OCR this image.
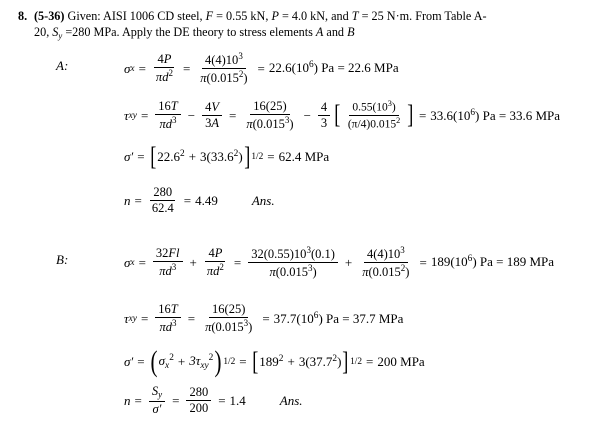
8. (5-36) Given: AISI 1006 CD steel, F = 0.55 kN, P = 4.0 kN, and T = 25 N·m. From Table A-
20, $S_y =280$ MPa. Apply the DE theory to stress elements A and B
A:	σ $x = \frac{4P}{\pi d^2} = \frac{4(4)10^3}{\pi(0.015^2)} = 22.6(10^6) Pa = 22.6$ MPa
τ xy = $\frac{16T}{\pi d^3} - \frac{4V}{3A} = \frac{16(25)}{\pi(0.015^3)} - \frac{4}{3}$ [ $\frac{0.55(10^3)}{(\pi/4)0.015^2}$ ] = $33.6(10^6) Pa = 33.6$ MPa
σ′ = [ $22.6^2 + 3(33.6^2)$ ] 1/2 = 62.4 MPa
$n = \frac{280}{62.4} = 4.49$	Ans.
B:	σ $x = \frac{32Fl}{\pi d^3} + \frac{4P}{\pi d^2} = \frac{32(0.55)10^3(0.1)}{\pi(0.015^3)} + \frac{4(4)10^3}{\pi(0.015^2)} = 189(10^6) Pa = 189$ MPa
τ xy = $\frac{16T}{\pi d^3} = \frac{16(25)}{\pi(0.015^3)} = 37.7(10^6) Pa = 37.7$ MPa
σ′ = ( $\sigma_x^2 + 3\tau_{xy}^2$ ) 1/2 = [ $189^2 + 3(37.7^2)$ ] 1/2 = 200 MPa
$n = \frac{S_y}{\sigma'} = \frac{280}{200} = 1.4$	Ans.
